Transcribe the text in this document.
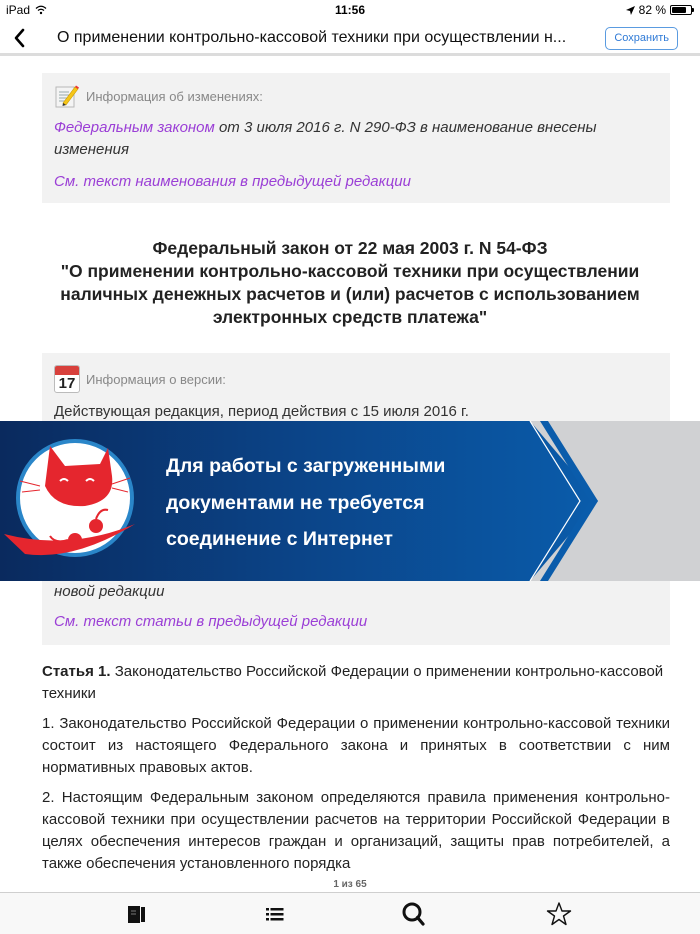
iPad	11:56	82 %
О применении контрольно-кассовой техники при осуществлении н...	Сохранить
Информация об изменениях:
Федеральным законом от 3 июля 2016 г. N 290-ФЗ в наименование внесены изменения
См. текст наименования в предыдущей редакции
Федеральный закон от 22 мая 2003 г. N 54-ФЗ
"О применении контрольно-кассовой техники при осуществлении наличных денежных расчетов и (или) расчетов с использованием электронных средств платежа"
17 Информация о версии:
Действующая редакция, период действия с 15 июля 2016 г.
новой редакции
См. текст статьи в предыдущей редакции

Статья 1. Законодательство Российской Федерации о применении контрольно-кассовой техники

1. Законодательство Российской Федерации о применении контрольно-кассовой техники состоит из настоящего Федерального закона и принятых в соответствии с ним нормативных правовых актов.

2. Настоящим Федеральным законом определяются правила применения контрольно-кассовой техники при осуществлении расчетов на территории Российской Федерации в целях обеспечения интересов граждан и организаций, защиты прав потребителей, а также обеспечения установленного порядка

Для работы с загруженными
документами не требуется
соединение с Интернет
1 из 65
